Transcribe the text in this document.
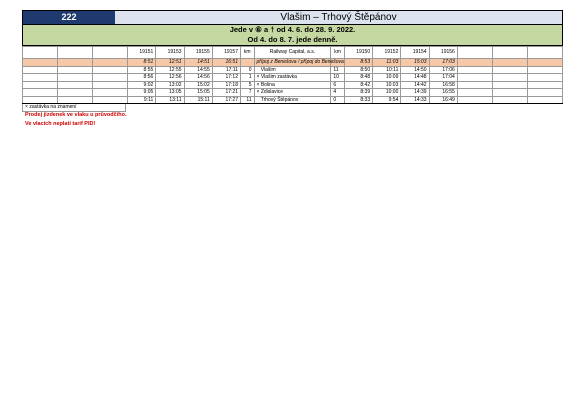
222	Vlašim – Trhový Štěpánov
Jede v ⑥ a † od 4. 6. do 28. 9. 2022.
Od 4. do 8. 7. jede denně.
			19151	19153	19155	19157	km	Railway Capital, a.s.	km	19150	19152	19154	19156			
			8:51	12:51	14:51	16:51		přípoj z Benešova / přípoj do Benešova		8:53	11:03	15:03	17:03			
			8:55	12:55	14:55	17:11	0	Vlašim	11	8:50	10:11	14:50	17:06			
			8:56	12:56	14:56	17:12	1	× Vlašim zastávka	10	8:48	10:09	14:48	17:04			
			9:02	13:02	15:02	17:18	5	× Bolina	6	8:42	10:03	14:42	16:58			
			9:05	13:05	15:05	17:21	7	× Zdislavice	4	8:39	10:00	14:39	16:55			
			9:11	13:11	15:11	17:27	11	Trhový Štěpánov	0	8:33	9:54	14:33	16:49			
× zastávka na znamení
Prodej jízdenek ve vlaku u průvodčího.
Ve vlacích neplatí tarif PID!
